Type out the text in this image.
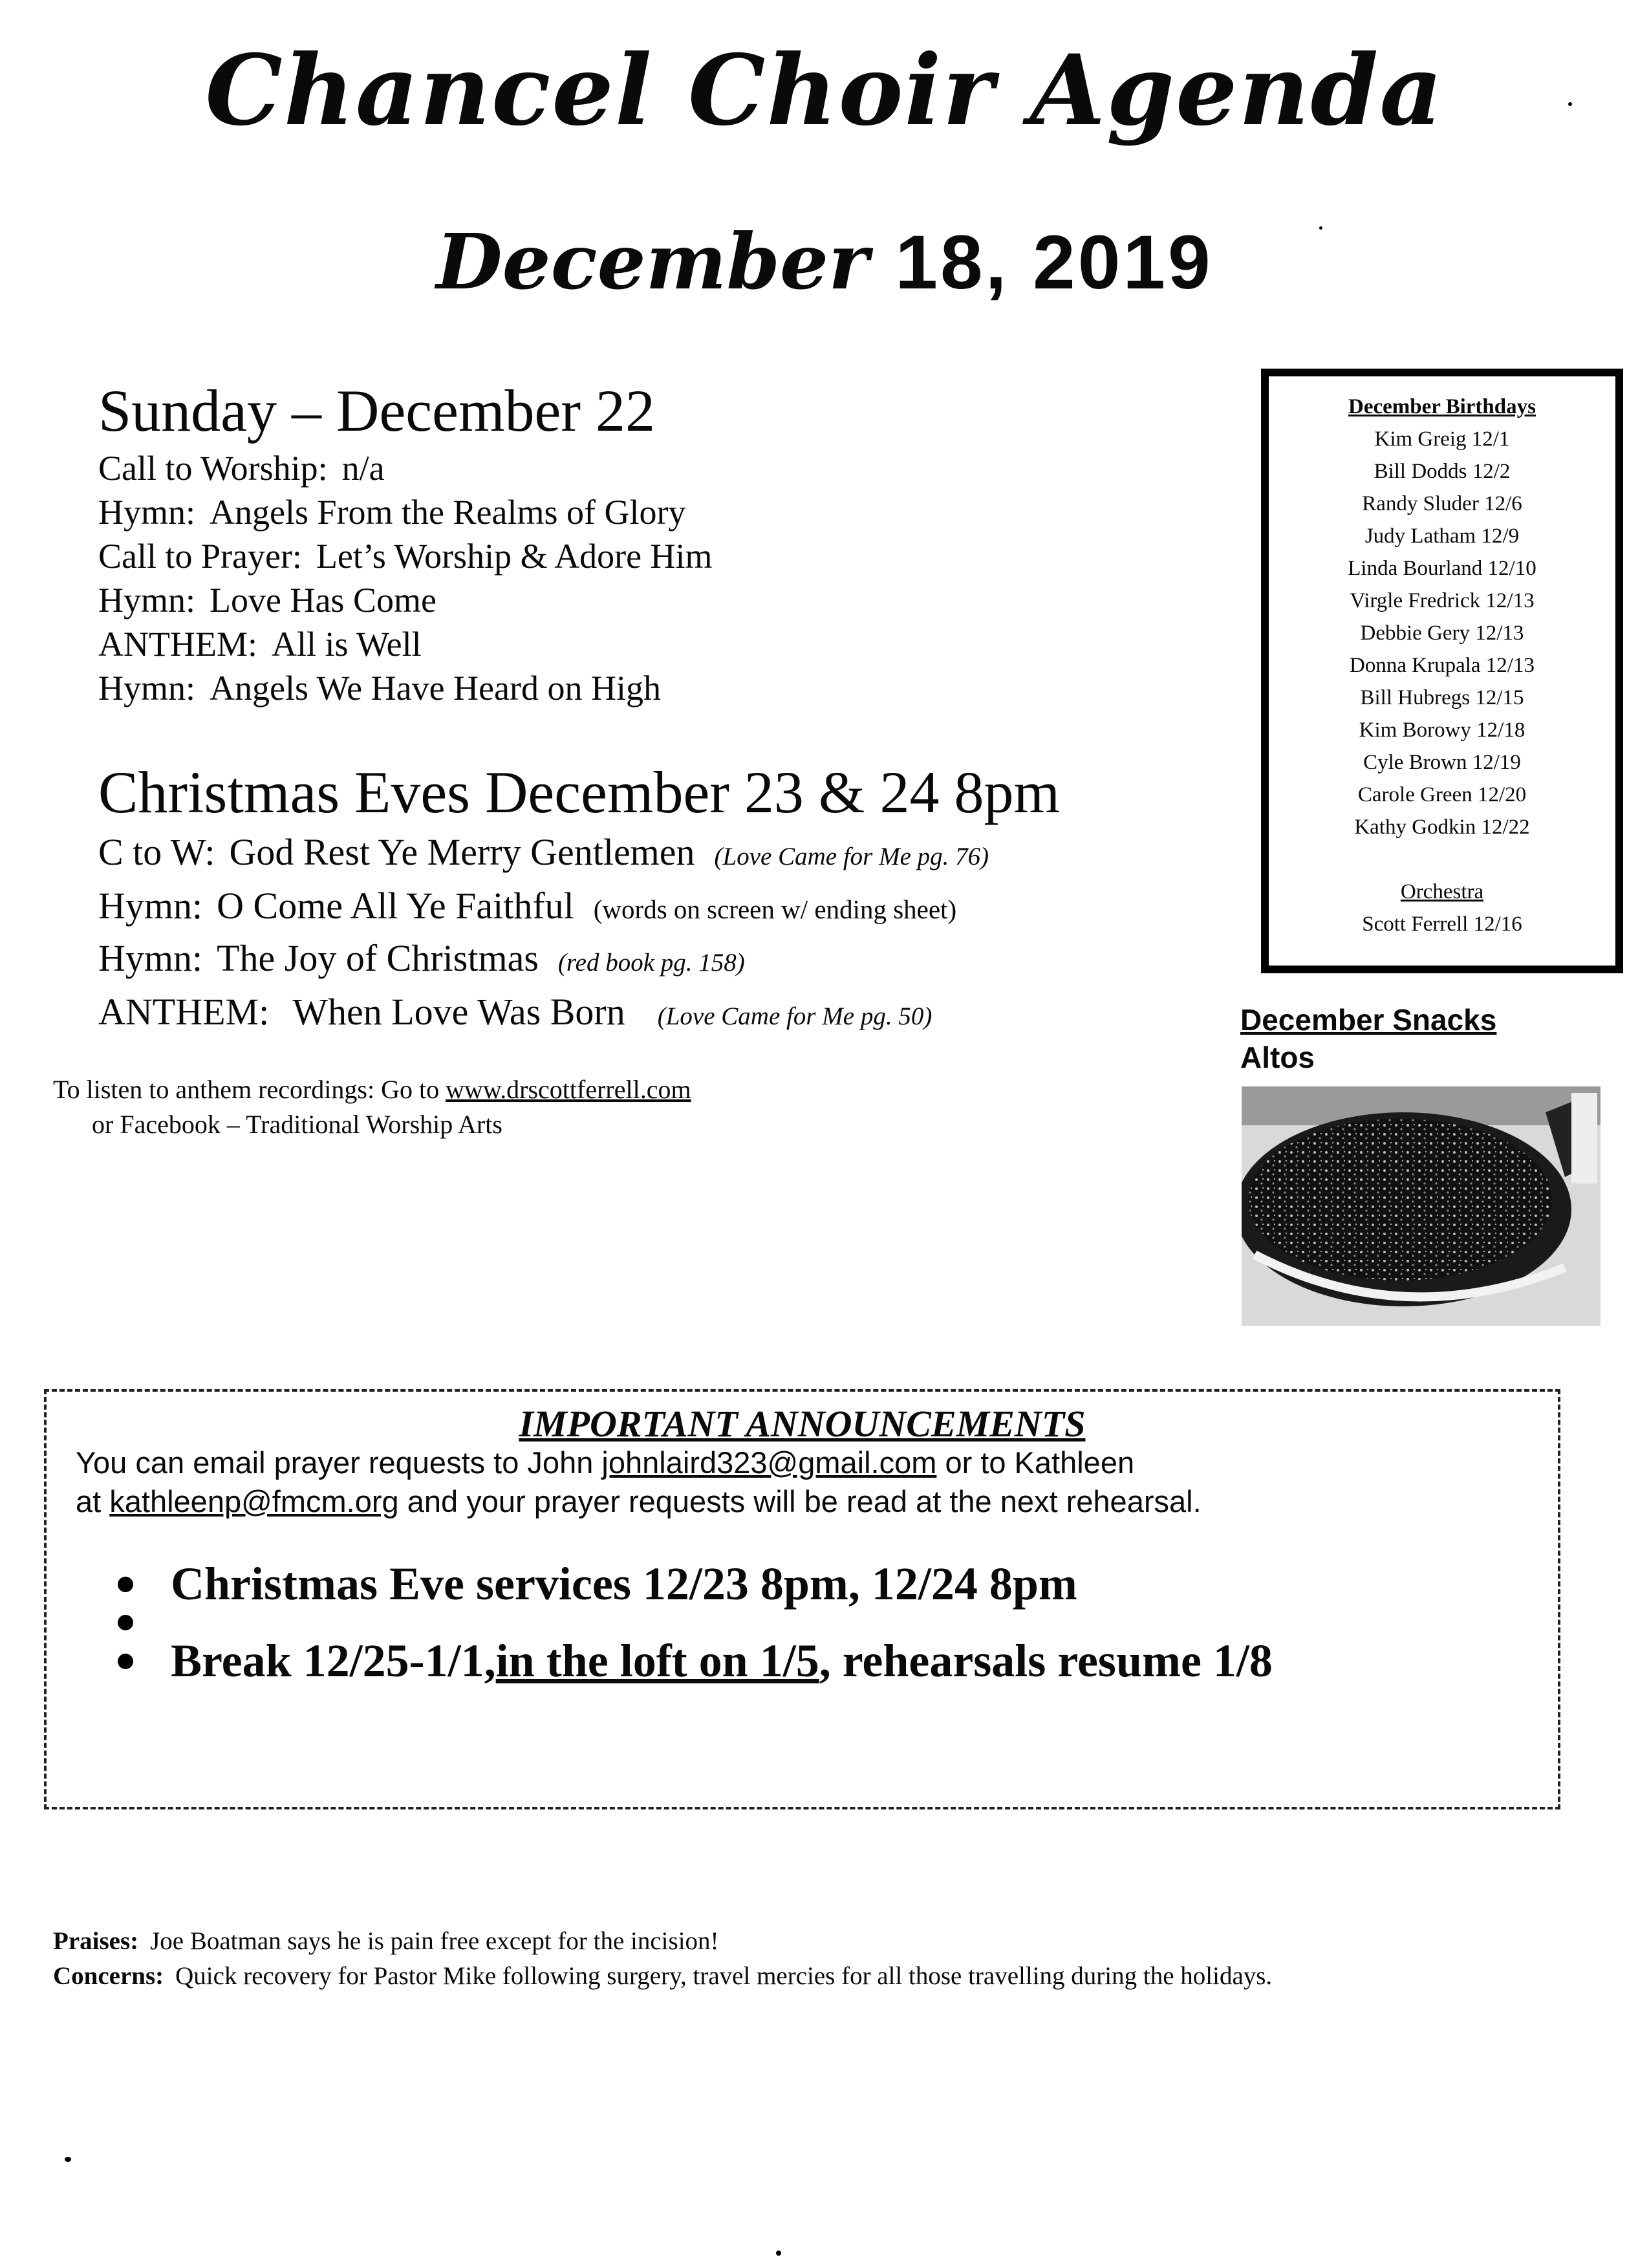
Chancel Choir Agenda
December 18, 2019
Sunday – December 22
Call to Worship: n/a
Hymn: Angels From the Realms of Glory
Call to Prayer: Let’s Worship & Adore Him
Hymn: Love Has Come
ANTHEM: All is Well
Hymn: Angels We Have Heard on High
Christmas Eves December 23 & 24 8pm
C to W: God Rest Ye Merry Gentlemen (Love Came for Me pg. 76)
Hymn: O Come All Ye Faithful (words on screen w/ ending sheet)
Hymn: The Joy of Christmas (red book pg. 158)
ANTHEM: When Love Was Born (Love Came for Me pg. 50)
To listen to anthem recordings: Go to www.drscottferrell.com
or Facebook – Traditional Worship Arts
December Birthdays
Kim Greig 12/1
Bill Dodds 12/2
Randy Sluder 12/6
Judy Latham 12/9
Linda Bourland 12/10
Virgle Fredrick 12/13
Debbie Gery 12/13
Donna Krupala 12/13
Bill Hubregs 12/15
Kim Borowy 12/18
Cyle Brown 12/19
Carole Green 12/20
Kathy Godkin 12/22
Orchestra
Scott Ferrell 12/16
December Snacks
Altos
IMPORTANT ANNOUNCEMENTS
You can email prayer requests to John johnlaird323@gmail.com or to Kathleen
at kathleenp@fmcm.org and your prayer requests will be read at the next rehearsal.
Christmas Eve services 12/23 8pm, 12/24 8pm
Break 12/25-1/1, in the loft on 1/5 , rehearsals resume 1/8
Praises: Joe Boatman says he is pain free except for the incision!
Concerns: Quick recovery for Pastor Mike following surgery, travel mercies for all those travelling during the holidays.
